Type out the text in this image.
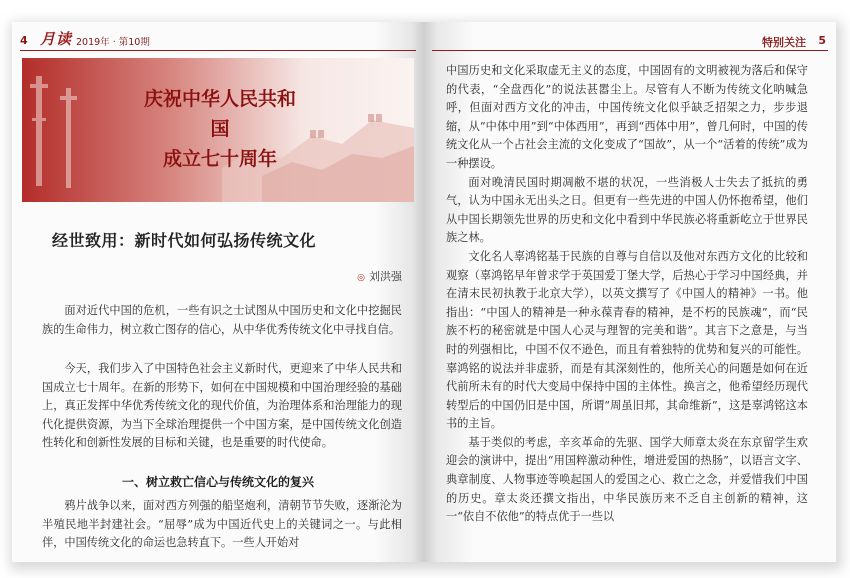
4 月读 2019年 · 第10期
庆祝中华人民共和国
成立七十周年
经世致用：新时代如何弘扬传统文化
◎ 刘洪强

面对近代中国的危机，一些有识之士试图从中国历史和文化中挖掘民族的生命伟力，树立救亡图存的信心，从中华优秀传统文化中寻找自信。

今天，我们步入了中国特色社会主义新时代，更迎来了中华人民共和国成立七十周年。在新的形势下，如何在中国规模和中国治理经验的基础上，真正发挥中华优秀传统文化的现代价值，为治理体系和治理能力的现代化提供资源，为当下全球治理提供一个中国方案，是中国传统文化创造性转化和创新性发展的目标和关键，也是重要的时代使命。

一、树立救亡信心与传统文化的复兴

鸦片战争以来，面对西方列强的船坚炮利，清朝节节失败，逐渐沦为半殖民地半封建社会。“屈辱”成为中国近代史上的关键词之一。与此相伴，中国传统文化的命运也急转直下。一些人开始对

特别关注 5

中国历史和文化采取虚无主义的态度，中国固有的文明被视为落后和保守的代表，“全盘西化”的说法甚嚣尘上。尽管有人不断为传统文化呐喊急呼，但面对西方文化的冲击，中国传统文化似乎缺乏招架之力，步步退缩，从“中体中用”到“中体西用”，再到“西体中用”，曾几何时，中国的传统文化从一个占社会主流的文化变成了“国故”，从一个“活着的传统”成为一种摆设。

面对晚清民国时期凋敝不堪的状况，一些消极人士失去了抵抗的勇气，认为中国永无出头之日。但更有一些先进的中国人仍怀抱希望，他们从中国长期领先世界的历史和文化中看到中华民族必将重新屹立于世界民族之林。

文化名人辜鸿铭基于民族的自尊与自信以及他对东西方文化的比较和观察（辜鸿铭早年曾求学于英国爱丁堡大学，后热心于学习中国经典，并在清末民初执教于北京大学），以英文撰写了《中国人的精神》一书。他指出：“中国人的精神是一种永葆青春的精神，是不朽的民族魂”，而“民族不朽的秘密就是中国人心灵与理智的完美和谐”。其言下之意是，与当时的列强相比，中国不仅不逊色，而且有着独特的优势和复兴的可能性。辜鸿铭的说法并非虚骄，而是有其深刻性的，他所关心的问题是如何在近代前所未有的时代大变局中保持中国的主体性。换言之，他希望经历现代转型后的中国仍旧是中国，所谓“周虽旧邦，其命维新”，这是辜鸿铭这本书的主旨。

基于类似的考虑，辛亥革命的先驱、国学大师章太炎在东京留学生欢迎会的演讲中，提出“用国粹激动种性，增进爱国的热肠”，以语言文字、典章制度、人物事迹等唤起国人的爱国之心、救亡之念，并爱惜我们中国的历史。章太炎还撰文指出，中华民族历来不乏自主创新的精神，这一“依自不依他”的特点优于一些以
